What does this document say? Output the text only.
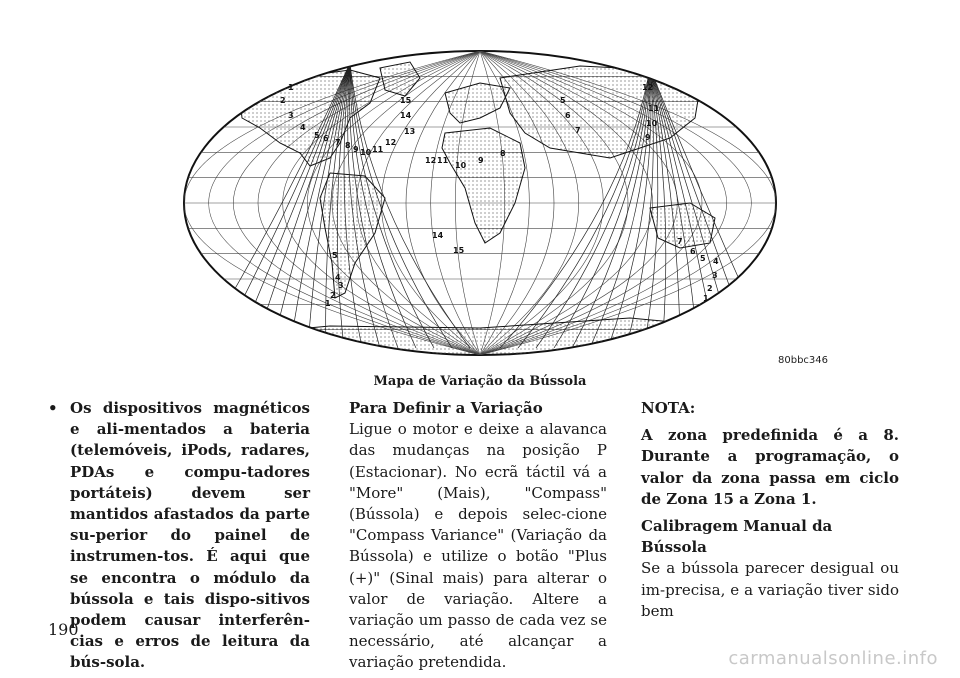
1
2
3
4
5 6 7 8 9 10 11
12
13
14
15	5
6
7
8
9
10
11
12
12
11
10
9
7
6
5 4
3
2
1
14
15
5
4
3
2
1
80bbc346
Mapa de Variação da Bússola
• Os dispositivos magnéticos e ali-mentados a bateria (telemóveis, iPods, radares, PDAs e compu-tadores portáteis) devem ser mantidos afastados da parte su-perior do painel de instrumen-tos. É aqui que se encontra o módulo da bússola e tais dispo-sitivos podem causar interferên-cias e erros de leitura da bús-sola.
Para Definir a Variação
Ligue o motor e deixe a alavanca das mudanças na posição P (Estacionar). No ecrã táctil vá a "More" (Mais), "Compass" (Bússola) e depois selec-cione "Compass Variance" (Variação da Bússola) e utilize o botão "Plus (+)" (Sinal mais) para alterar o valor de variação. Altere a variação um passo de cada vez se necessário, até alcançar a variação pretendida.
NOTA:
A zona predefinida é a 8. Durante a programação, o valor da zona passa em ciclo de Zona 15 a Zona 1.
Calibragem Manual da Bússola
Se a bússola parecer desigual ou im-precisa, e a variação tiver sido bem
190
carmanualsonline.info
